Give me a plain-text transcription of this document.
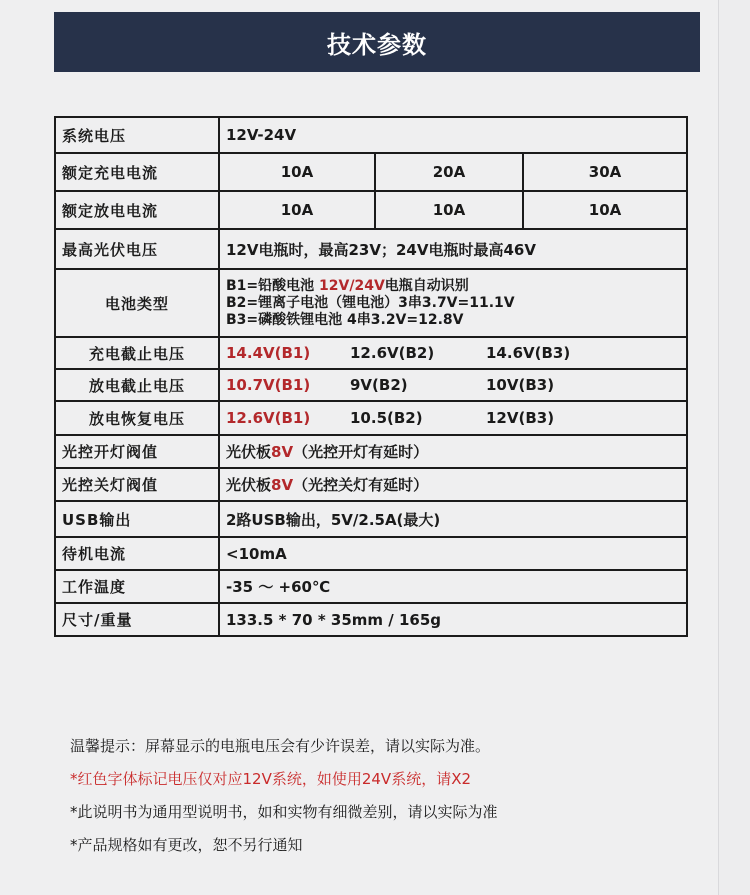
技术参数
系统电压	12V-24V		
额定充电电流	10A	20A	30A
额定放电电流	10A	10A	10A
最高光伏电压	12V电瓶时，最高23V；24V电瓶时最高46V		
电池类型	B1=铅酸电池 12V/24V电瓶自动识别
B2=锂离子电池（锂电池）3串3.7V=11.1V
B3=磷酸铁锂电池 4串3.2V=12.8V		

充电截止电压	14.4V(B1) 12.6V(B2) 14.6V(B3)		

放电截止电压	10.7V(B1) 9V(B2) 10V(B3)		

放电恢复电压	12.6V(B1) 10.5(B2) 12V(B3)		

光控开灯阀值	光伏板8V（光控开灯有延时）		
光控关灯阀值	光伏板8V（光控关灯有延时）		
USB输出	2路USB输出，5V/2.5A(最大)		
待机电流	<10mA		
工作温度	-35 ～ +60℃		
尺寸/重量	133.5 * 70 * 35mm / 165g		
温馨提示：屏幕显示的电瓶电压会有少许误差，请以实际为准。
*红色字体标记电压仅对应12V系统，如使用24V系统，请X2
*此说明书为通用型说明书，如和实物有细微差别，请以实际为准
*产品规格如有更改，恕不另行通知
